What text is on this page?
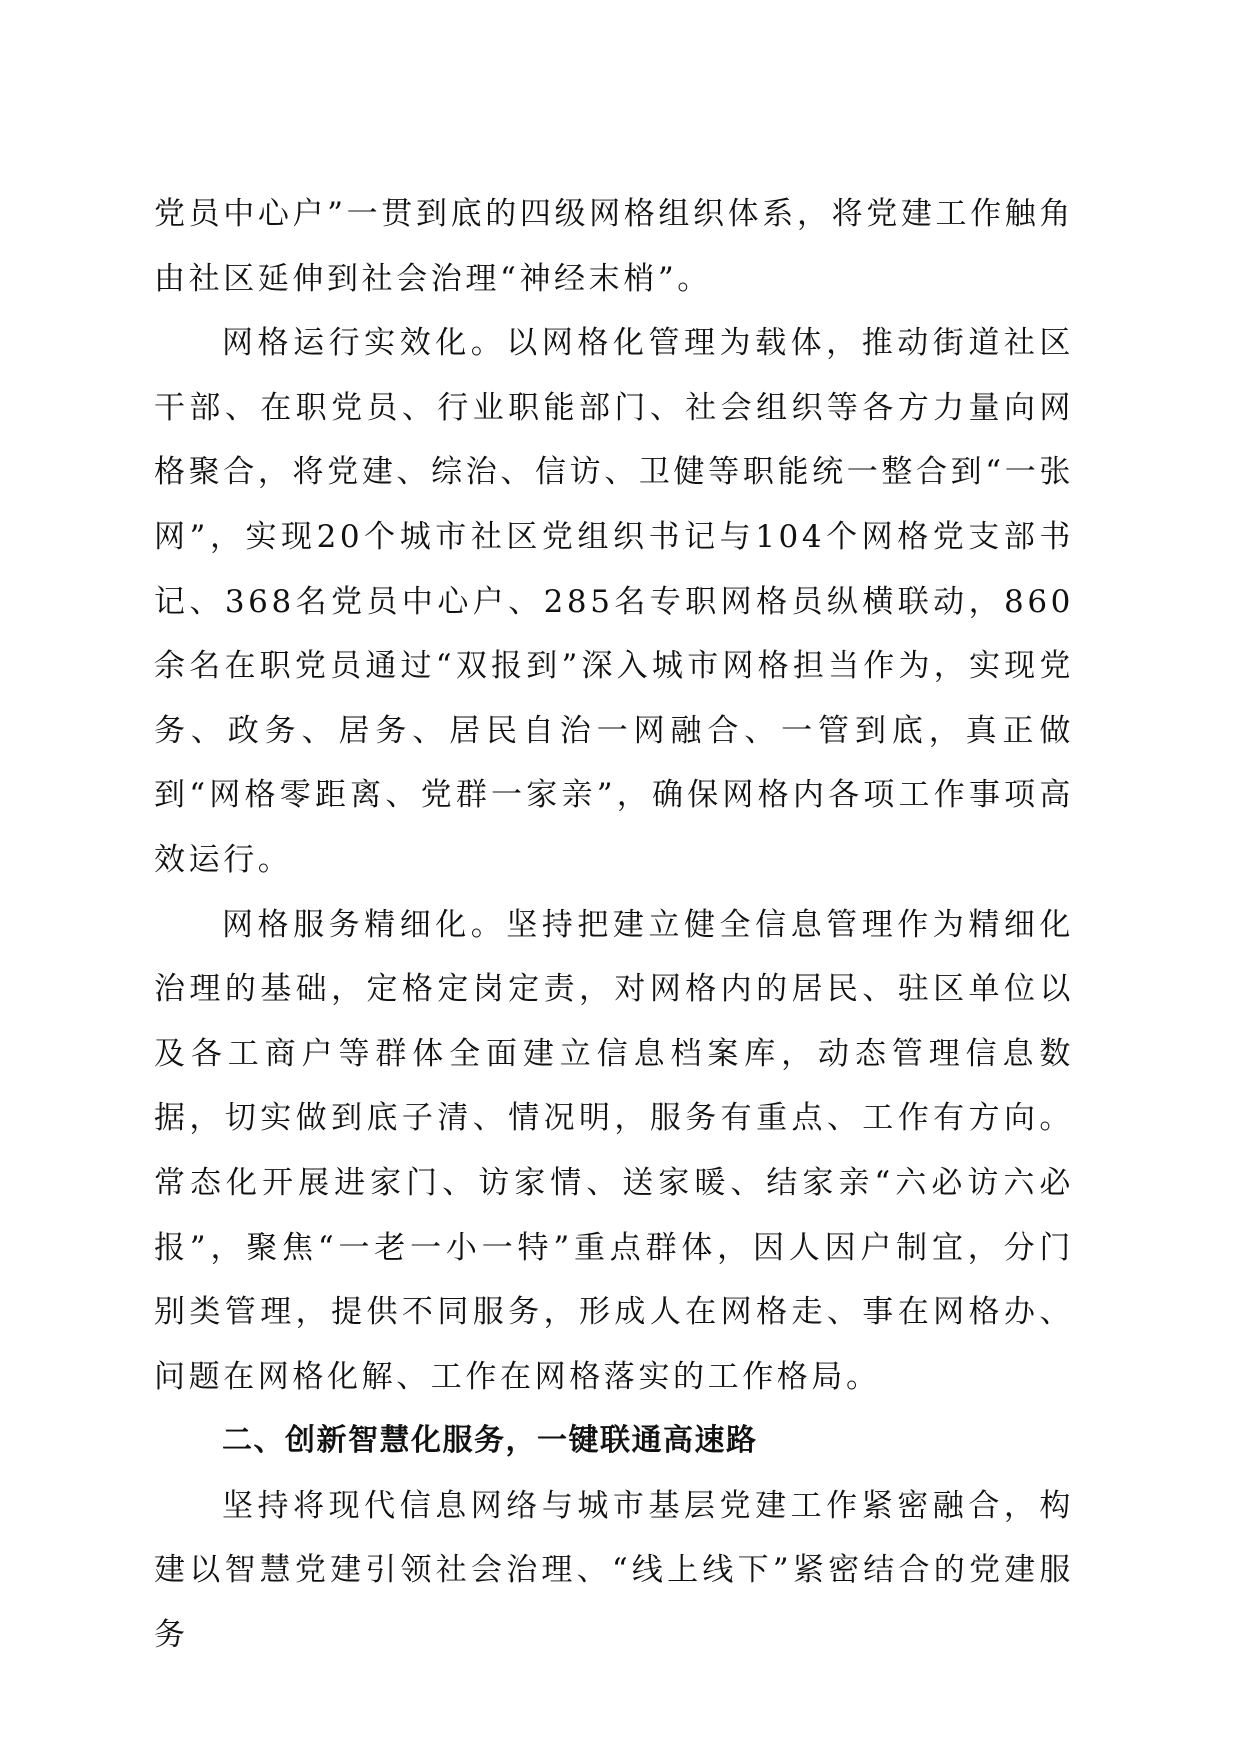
党员中心户”一贯到底的四级网格组织体系，将党建工作触角由社区延伸到社会治理“神经末梢”。

网格运行实效化。以网格化管理为载体，推动街道社区干部、在职党员、行业职能部门、社会组织等各方力量向网格聚合，将党建、综治、信访、卫健等职能统一整合到“一张网”，实现20个城市社区党组织书记与104个网格党支部书记、368名党员中心户、285名专职网格员纵横联动，860余名在职党员通过“双报到”深入城市网格担当作为，实现党务、政务、居务、居民自治一网融合、一管到底，真正做到“网格零距离、党群一家亲”，确保网格内各项工作事项高效运行。

网格服务精细化。坚持把建立健全信息管理作为精细化治理的基础，定格定岗定责，对网格内的居民、驻区单位以及各工商户等群体全面建立信息档案库，动态管理信息数据，切实做到底子清、情况明，服务有重点、工作有方向。常态化开展进家门、访家情、送家暖、结家亲“六必访六必报”，聚焦“一老一小一特”重点群体，因人因户制宜，分门别类管理，提供不同服务，形成人在网格走、事在网格办、问题在网格化解、工作在网格落实的工作格局。

二、创新智慧化服务，一键联通高速路

坚持将现代信息网络与城市基层党建工作紧密融合，构建以智慧党建引领社会治理、“线上线下”紧密结合的党建服务
